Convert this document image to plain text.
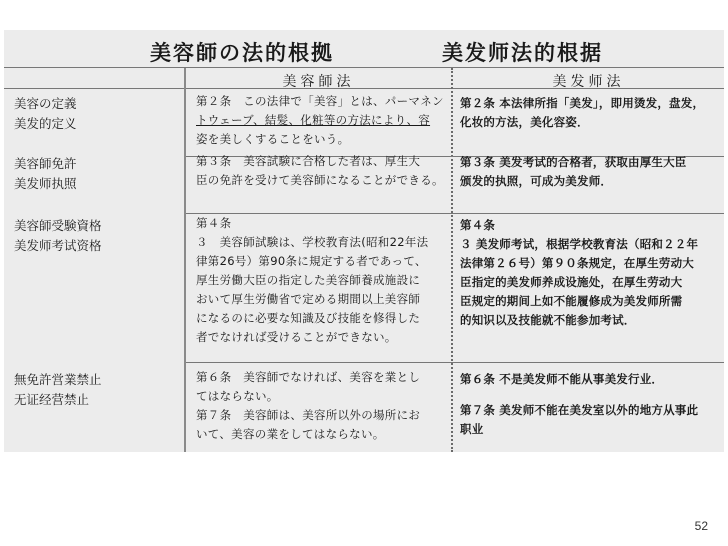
美容師の法的根拠	美发师法的根据
美容師法	美发师法
美容の定義
美发的定义
第２条　この法律で「美容」とは、パーマネン
トウェーブ、結髪、化粧等の方法により、容
姿を美しくすることをいう。
第２条 本法律所指「美发」，即用烫发，盘发，
化妆的方法，美化容姿．
美容師免許
美发师执照
第３条　美容試験に合格した者は、厚生大
臣の免許を受けて美容師になることができる。
第３条 美发考试的合格者，获取由厚生大臣
颁发的执照，可成为美发师．
美容師受験資格
美发师考试资格
第４条
３　美容師試験は、学校教育法(昭和22年法
律第26号）第90条に規定する者であって、
厚生労働大臣の指定した美容師養成施設に
おいて厚生労働省で定める期間以上美容師
になるのに必要な知識及び技能を修得した
者でなければ受けることができない。
第４条
３ 美发师考试，根据学校教育法（昭和２２年
法律第２６号）第９０条规定，在厚生劳动大
臣指定的美发师养成设施处，在厚生劳动大
臣规定的期间上如不能履修成为美发师所需
的知识以及技能就不能参加考试．
無免許営業禁止
无证经营禁止
第６条　美容師でなければ、美容を業とし
てはならない。
第７条　美容師は、美容所以外の場所にお
いて、美容の業をしてはならない。
第６条 不是美发师不能从事美发行业．
第７条 美发师不能在美发室以外的地方从事此
职业
52
